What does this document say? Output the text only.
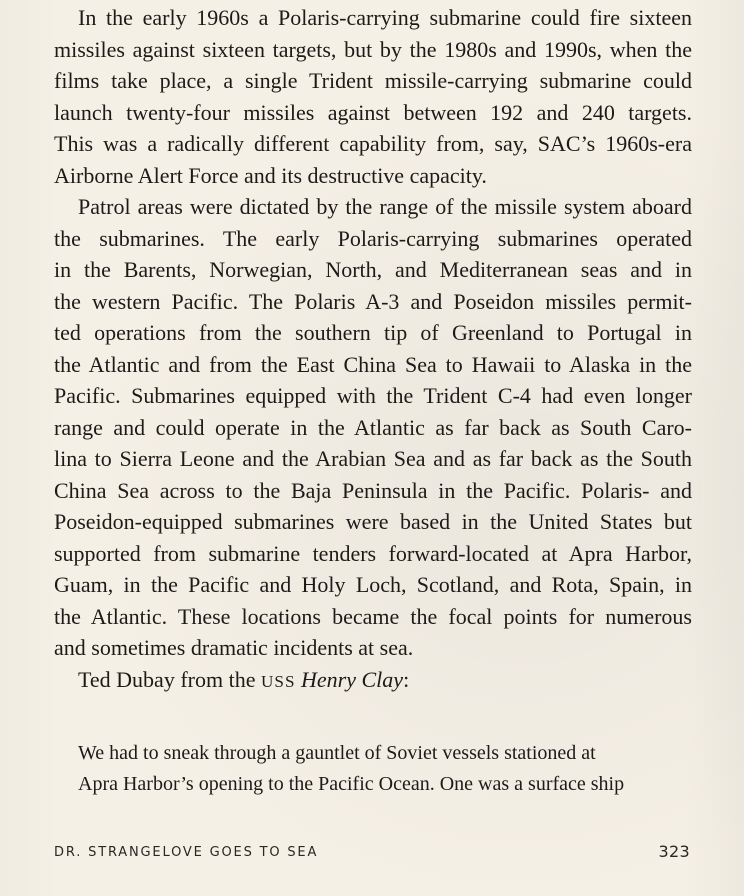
In the early 1960s a Polaris-carrying submarine could fire sixteen
missiles against sixteen targets, but by the 1980s and 1990s, when the
films take place, a single Trident missile-carrying submarine could
launch twenty-four missiles against between 192 and 240 targets.
This was a radically different capability from, say, SAC’s 1960s-era
Airborne Alert Force and its destructive capacity.

Patrol areas were dictated by the range of the missile system aboard
the submarines. The early Polaris-carrying submarines operated
in the Barents, Norwegian, North, and Mediterranean seas and in
the western Pacific. The Polaris A-3 and Poseidon missiles permit-
ted operations from the southern tip of Greenland to Portugal in
the Atlantic and from the East China Sea to Hawaii to Alaska in the
Pacific. Submarines equipped with the Trident C-4 had even longer
range and could operate in the Atlantic as far back as South Caro-
lina to Sierra Leone and the Arabian Sea and as far back as the South
China Sea across to the Baja Peninsula in the Pacific. Polaris- and
Poseidon-equipped submarines were based in the United States but
supported from submarine tenders forward-located at Apra Harbor,
Guam, in the Pacific and Holy Loch, Scotland, and Rota, Spain, in
the Atlantic. These locations became the focal points for numerous
and sometimes dramatic incidents at sea.

Ted Dubay from the USS Henry Clay:

We had to sneak through a gauntlet of Soviet vessels stationed at
Apra Harbor’s opening to the Pacific Ocean. One was a surface ship
DR. STRANGELOVE GOES TO SEA	323
